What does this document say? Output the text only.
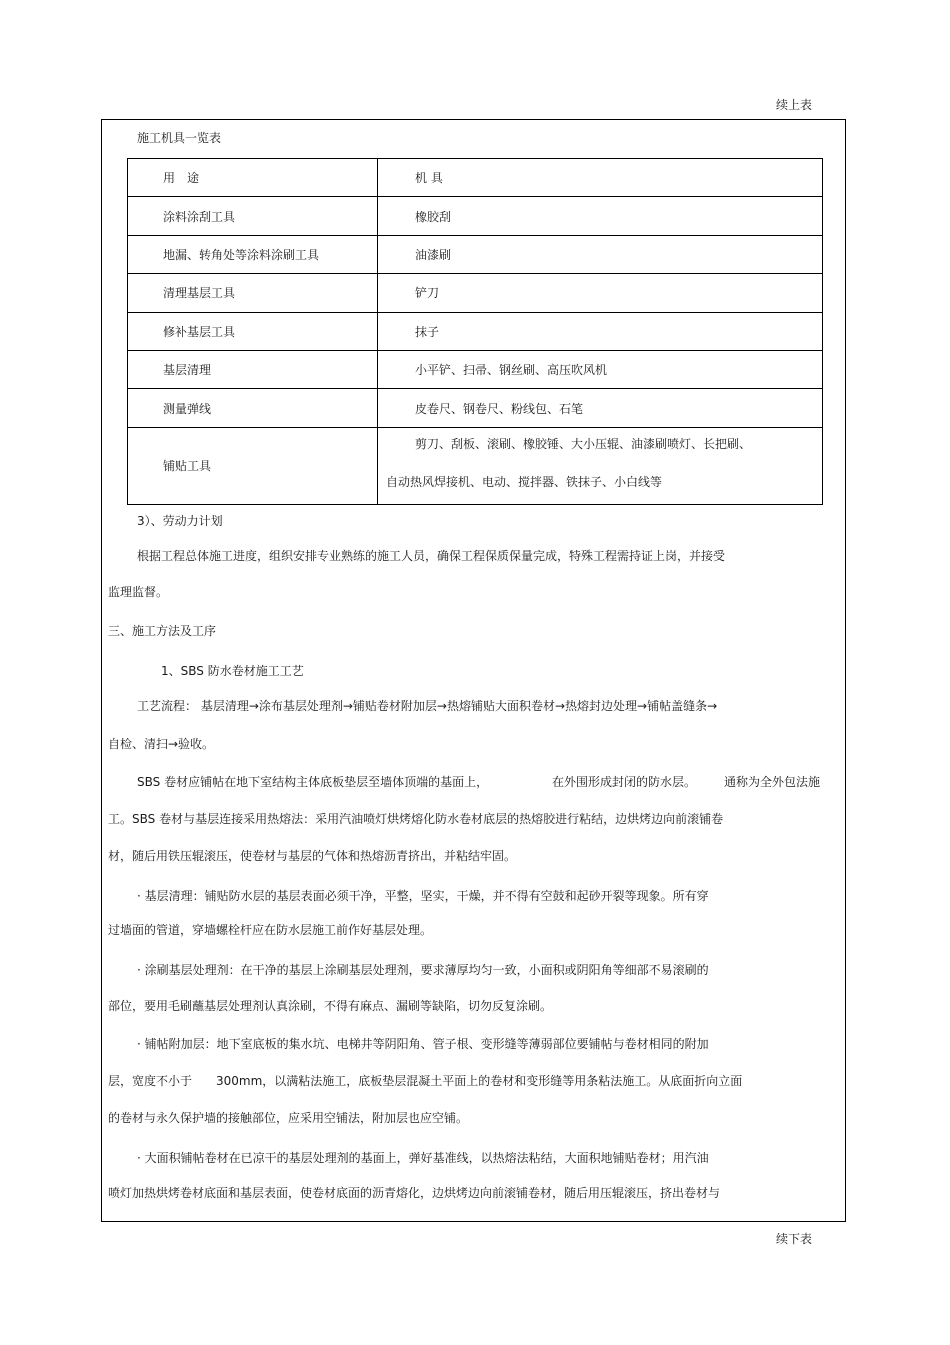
续上表
施工机具一览表
用　途	机 具

涂料涂刮工具	橡胶刮

地漏、转角处等涂料涂刷工具	油漆刷

清理基层工具	铲刀

修补基层工具	抹子

基层清理	小平铲、扫帚、钢丝刷、高压吹风机

测量弹线	皮卷尺、钢卷尺、粉线包、石笔

铺贴工具	剪刀、刮板、滚刷、橡胶锤、大小压辊、油漆刷喷灯、长把刷、
自动热风焊接机、电动、搅拌器、铁抹子、小白线等
3）、劳动力计划
根据工程总体施工进度，组织安排专业熟练的施工人员，确保工程保质保量完成，特殊工程需持证上岗，并接受
监理监督。
三、施工方法及工序
1、SBS 防水卷材施工工艺
工艺流程： 基层清理→涂布基层处理剂→铺贴卷材附加层→热熔铺贴大面积卷材→热熔封边处理→铺帖盖缝条→
自检、清扫→验收。
SBS 卷材应铺帖在地下室结构主体底板垫层至墙体顶端的基面上，	在外围形成封闭的防水层。 通称为全外包法施
工。SBS 卷材与基层连接采用热熔法：采用汽油喷灯烘烤熔化防水卷材底层的热熔胶进行粘结，边烘烤边向前滚铺卷
材，随后用铁压辊滚压，使卷材与基层的气体和热熔沥青挤出，并粘结牢固。
· 基层清理：铺贴防水层的基层表面必须干净，平整，坚实，干燥，并不得有空鼓和起砂开裂等现象。所有穿
过墙面的管道，穿墙螺栓杆应在防水层施工前作好基层处理。
· 涂刷基层处理剂：在干净的基层上涂刷基层处理剂，要求薄厚均匀一致，小面积或阴阳角等细部不易滚刷的
部位，要用毛刷蘸基层处理剂认真涂刷，不得有麻点、漏刷等缺陷，切勿反复涂刷。
· 铺帖附加层：地下室底板的集水坑、电梯井等阴阳角、管子根、变形缝等薄弱部位要铺帖与卷材相同的附加
层，宽度不小于 300mm，以满粘法施工，底板垫层混凝土平面上的卷材和变形缝等用条粘法施工。从底面折向立面
的卷材与永久保护墙的接触部位，应采用空铺法，附加层也应空铺。
· 大面积铺帖卷材在已凉干的基层处理剂的基面上，弹好基准线，以热熔法粘结，大面积地铺贴卷材；用汽油
喷灯加热烘烤卷材底面和基层表面，使卷材底面的沥青熔化，边烘烤边向前滚铺卷材，随后用压辊滚压，挤出卷材与
续下表
